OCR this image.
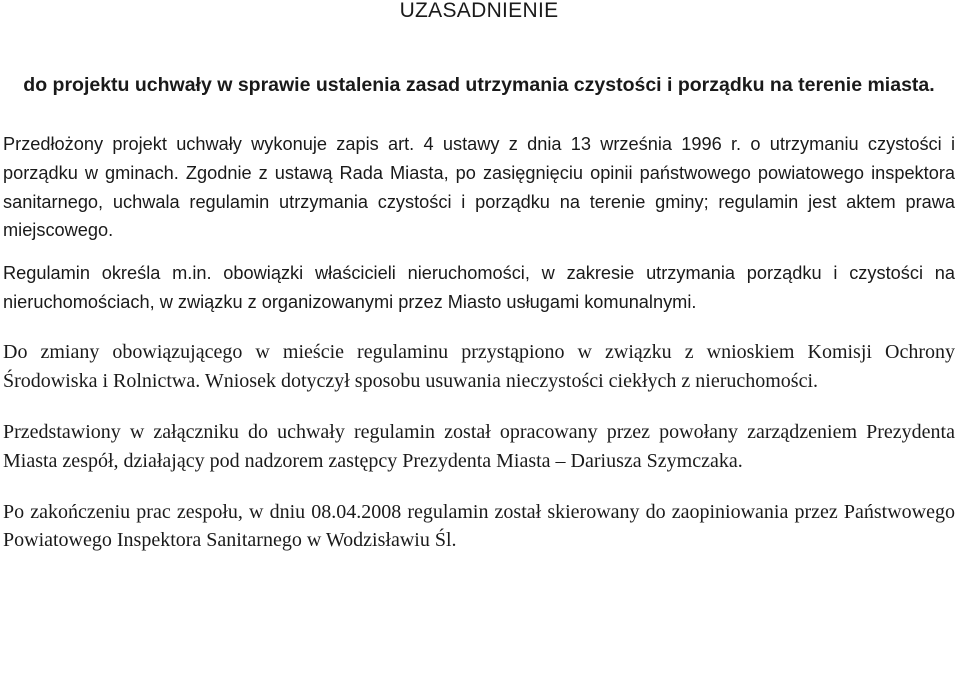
UZASADNIENIE
do projektu uchwały w sprawie ustalenia zasad utrzymania czystości i porządku na terenie miasta.

Przedłożony projekt uchwały wykonuje zapis art. 4 ustawy z dnia 13 września 1996 r. o utrzymaniu czystości i porządku w gminach. Zgodnie z ustawą Rada Miasta, po zasięgnięciu opinii państwowego powiatowego inspektora sanitarnego, uchwala regulamin utrzymania czystości i porządku na terenie gminy; regulamin jest aktem prawa miejscowego.

Regulamin określa m.in. obowiązki właścicieli nieruchomości, w zakresie utrzymania porządku i czystości na nieruchomościach, w związku z organizowanymi przez Miasto usługami komunalnymi.

Do zmiany obowiązującego w mieście regulaminu przystąpiono w związku z wnioskiem Komisji Ochrony Środowiska i Rolnictwa. Wniosek dotyczył sposobu usuwania nieczystości ciekłych z nieruchomości.

Przedstawiony w załączniku do uchwały regulamin został opracowany przez powołany zarządzeniem Prezydenta Miasta zespół, działający pod nadzorem zastępcy Prezydenta Miasta – Dariusza Szymczaka.

Po zakończeniu prac zespołu, w dniu 08.04.2008 regulamin został skierowany do zaopiniowania przez Państwowego Powiatowego Inspektora Sanitarnego w Wodzisławiu Śl.
